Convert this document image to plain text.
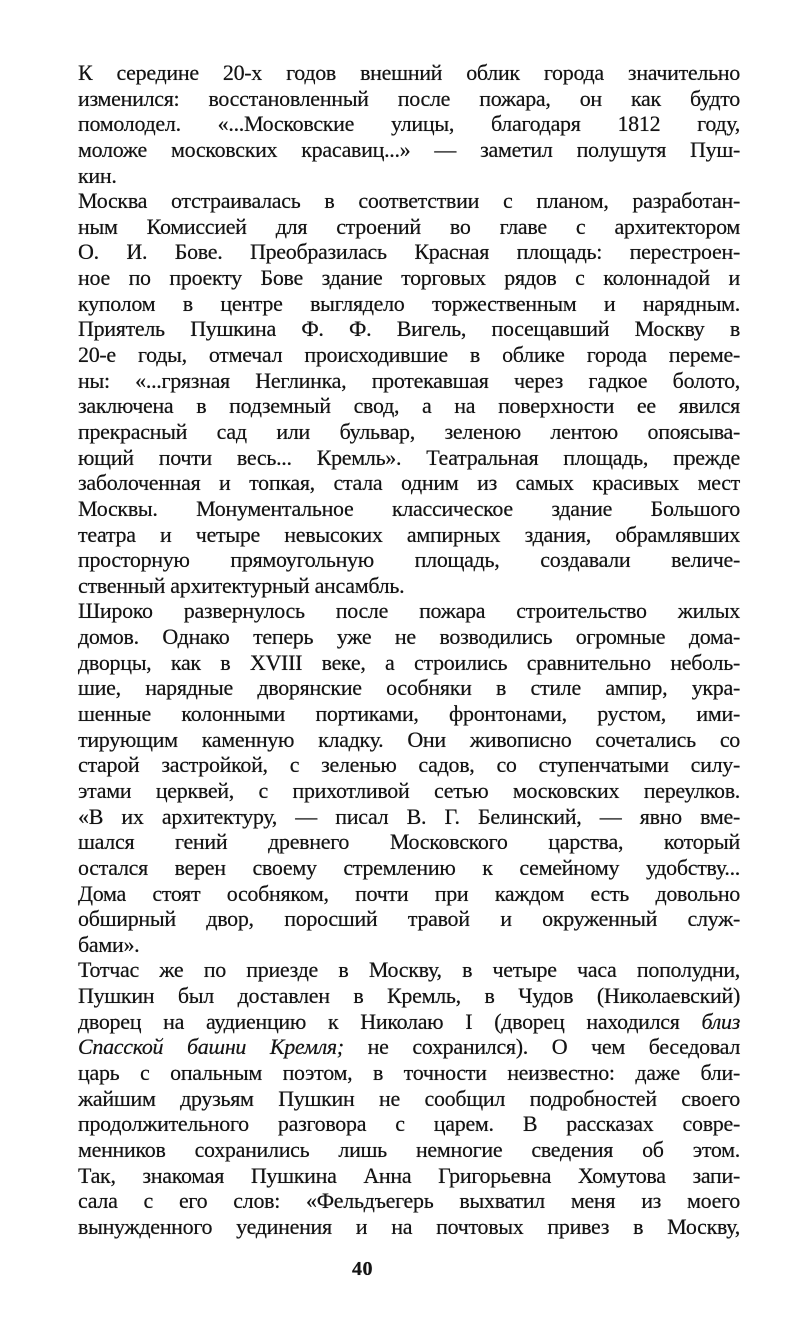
К середине 20-х годов внешний облик города значительно
изменился: восстановленный после пожара, он как будто
помолодел. «...Московские улицы, благодаря 1812 году,
моложе московских красавиц...» — заметил полушутя Пуш-
кин.
Москва отстраивалась в соответствии с планом, разработан-
ным Комиссией для строений во главе с архитектором
О. И. Бове. Преобразилась Красная площадь: перестроен-
ное по проекту Бове здание торговых рядов с колоннадой и
куполом в центре выглядело торжественным и нарядным.
Приятель Пушкина Ф. Ф. Вигель, посещавший Москву в
20-е годы, отмечал происходившие в облике города переме-
ны: «...грязная Неглинка, протекавшая через гадкое болото,
заключена в подземный свод, а на поверхности ее явился
прекрасный сад или бульвар, зеленою лентою опоясыва-
ющий почти весь... Кремль». Театральная площадь, прежде
заболоченная и топкая, стала одним из самых красивых мест
Москвы. Монументальное классическое здание Большого
театра и четыре невысоких ампирных здания, обрамлявших
просторную прямоугольную площадь, создавали величе-
ственный архитектурный ансамбль.
Широко развернулось после пожара строительство жилых
домов. Однако теперь уже не возводились огромные дома-
дворцы, как в XVIII веке, а строились сравнительно неболь-
шие, нарядные дворянские особняки в стиле ампир, укра-
шенные колонными портиками, фронтонами, рустом, ими-
тирующим каменную кладку. Они живописно сочетались со
старой застройкой, с зеленью садов, со ступенчатыми силу-
этами церквей, с прихотливой сетью московских переулков.
«В их архитектуру, — писал В. Г. Белинский, — явно вме-
шался гений древнего Московского царства, который
остался верен своему стремлению к семейному удобству...
Дома стоят особняком, почти при каждом есть довольно
обширный двор, поросший травой и окруженный служ-
бами».
Тотчас же по приезде в Москву, в четыре часа пополудни,
Пушкин был доставлен в Кремль, в Чудов (Николаевский)
дворец на аудиенцию к Николаю I (дворец находился близ
Спасской башни Кремля; не сохранился). О чем беседовал
царь с опальным поэтом, в точности неизвестно: даже бли-
жайшим друзьям Пушкин не сообщил подробностей своего
продолжительного разговора с царем. В рассказах совре-
менников сохранились лишь немногие сведения об этом.
Так, знакомая Пушкина Анна Григорьевна Хомутова запи-
сала с его слов: «Фельдъегерь выхватил меня из моего
вынужденного уединения и на почтовых привез в Москву,
40
